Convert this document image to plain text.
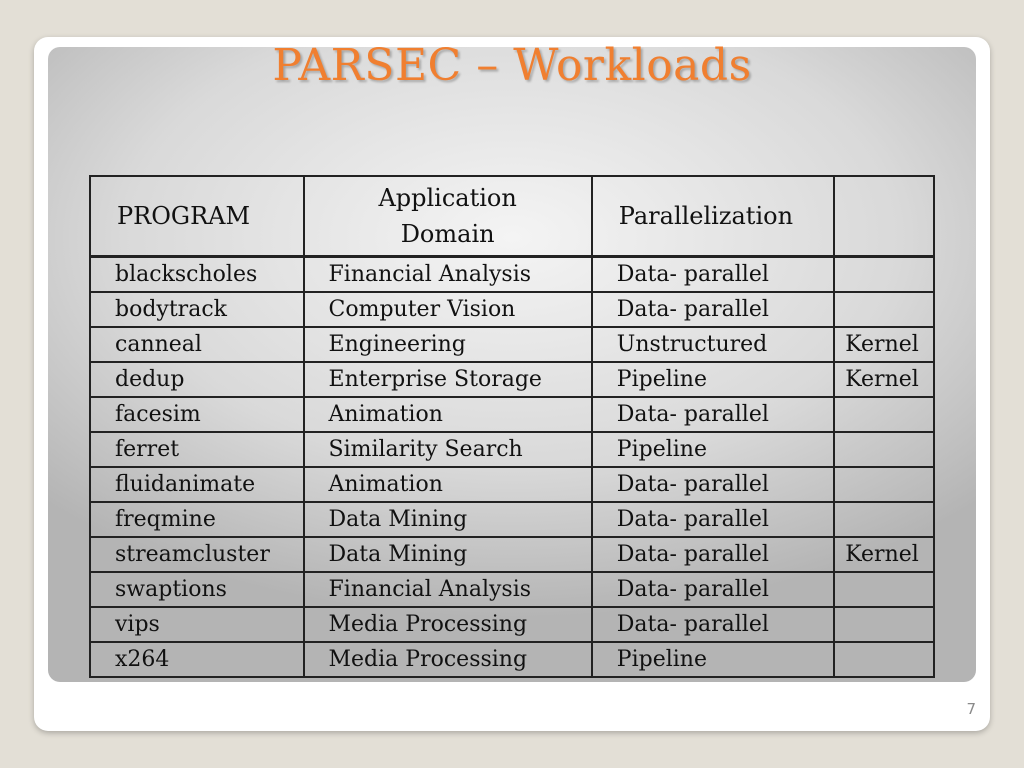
PARSEC – Workloads
PROGRAM	Application Domain	Parallelization	
blackscholes	Financial Analysis	Data- parallel	
bodytrack	Computer Vision	Data- parallel	
canneal	Engineering	Unstructured	Kernel
dedup	Enterprise Storage	Pipeline	Kernel
facesim	Animation	Data- parallel	
ferret	Similarity Search	Pipeline	
fluidanimate	Animation	Data- parallel	
freqmine	Data Mining	Data- parallel	
streamcluster	Data Mining	Data- parallel	Kernel
swaptions	Financial Analysis	Data- parallel	
vips	Media Processing	Data- parallel	
x264	Media Processing	Pipeline	
7
